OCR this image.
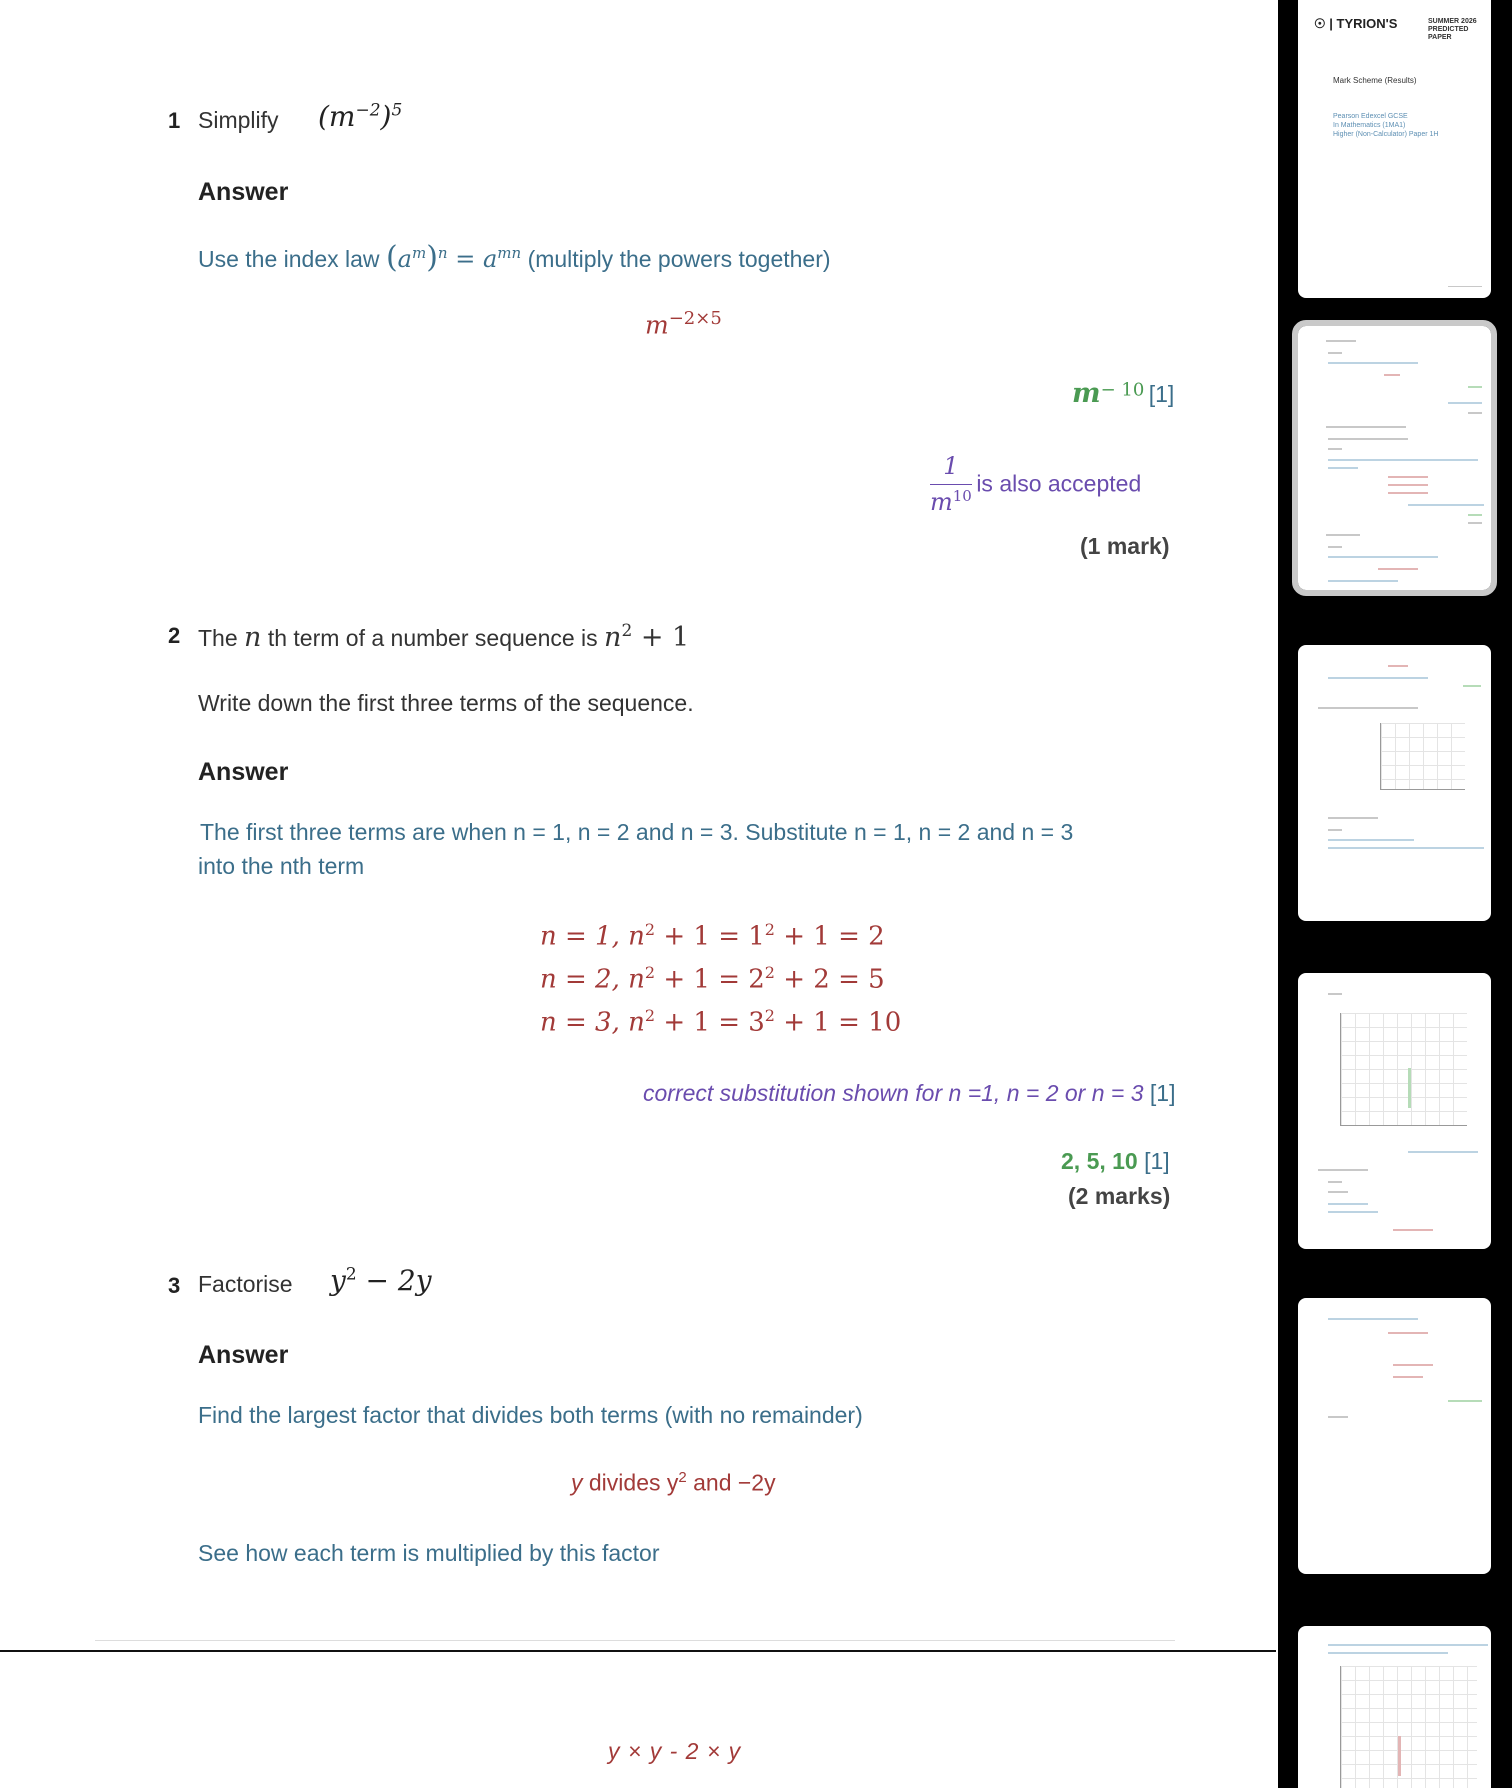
1 Simplify $(m^{-2})^5$
Answer
Use the index law $(a^m)^n = a^{mn}$ (multiply the powers together)
$m^{-2\times 5}$
$m^{- 10}$ [1]
$\frac{1}{m^{10}}$ is also accepted
(1 mark)
2 The n th term of a number sequence is $n^2 + 1$
Write down the first three terms of the sequence.
Answer
The first three terms are when n = 1, n = 2 and n = 3. Substitute n = 1, n = 2 and n = 3
into the nth term
n = 1, $n^2 + 1 = 1^2 + 1 = 2$
n = 2, $n^2 + 1 = 2^2 + 2 = 5$
n = 3, $n^2 + 1 = 3^2 + 1 = 10$
correct substitution shown for n =1, n = 2 or n = 3 [1]
2, 5, 10 [1]
(2 marks)
3 Factorise $y^2 - 2y$
Answer
Find the largest factor that divides both terms (with no remainder)
y divides $y^2$ and −2y
See how each term is multiplied by this factor
y × y - 2 × y
☉ | TYRION'S	SUMMER 2026 PREDICTED PAPER
Mark Scheme (Results)
Pearson Edexcel GCSE
In Mathematics (1MA1)
Higher (Non-Calculator) Paper 1H
